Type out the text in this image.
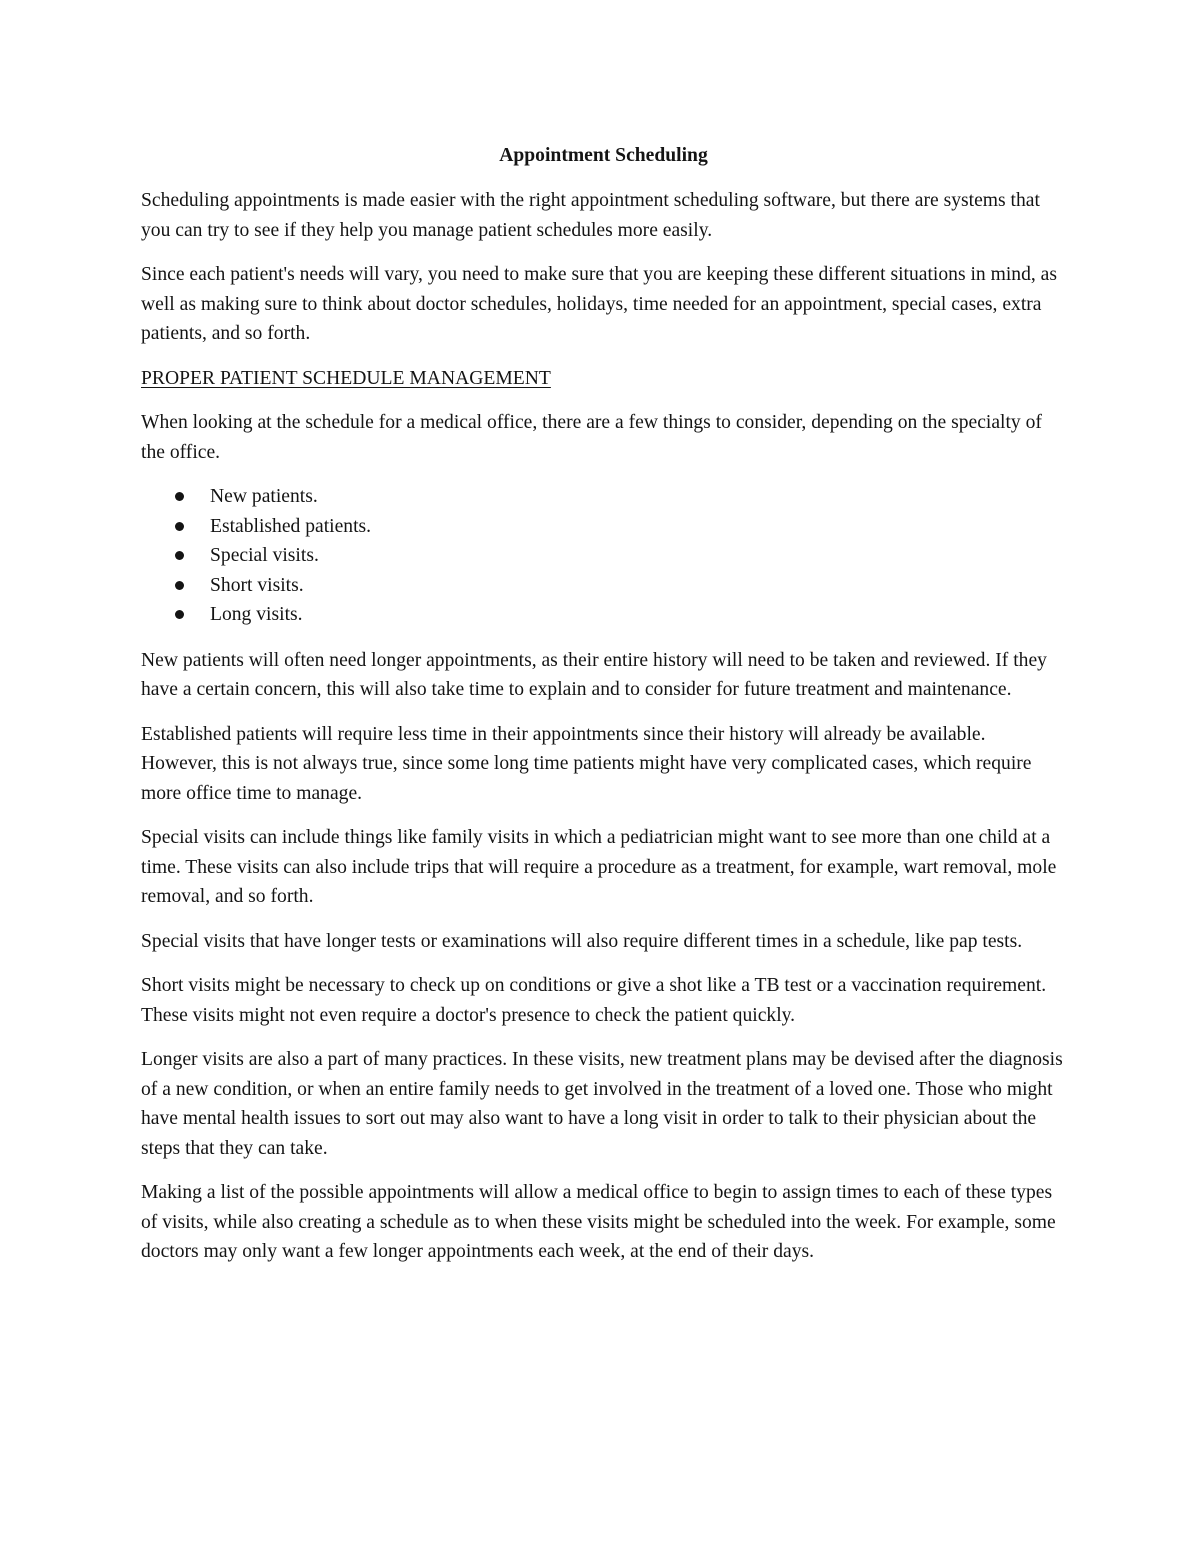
Appointment Scheduling

Scheduling appointments is made easier with the right appointment scheduling software, but there are systems that you can try to see if they help you manage patient schedules more easily.

Since each patient's needs will vary, you need to make sure that you are keeping these different situations in mind, as well as making sure to think about doctor schedules, holidays, time needed for an appointment, special cases, extra patients, and so forth.

PROPER PATIENT SCHEDULE MANAGEMENT

When looking at the schedule for a medical office, there are a few things to consider, depending on the specialty of the office.

New patients.
Established patients.
Special visits.
Short visits.
Long visits.

New patients will often need longer appointments, as their entire history will need to be taken and reviewed. If they have a certain concern, this will also take time to explain and to consider for future treatment and maintenance.

Established patients will require less time in their appointments since their history will already be available. However, this is not always true, since some long time patients might have very complicated cases, which require more office time to manage.

Special visits can include things like family visits in which a pediatrician might want to see more than one child at a time. These visits can also include trips that will require a procedure as a treatment, for example, wart removal, mole removal, and so forth.

Special visits that have longer tests or examinations will also require different times in a schedule, like pap tests.

Short visits might be necessary to check up on conditions or give a shot like a TB test or a vaccination requirement. These visits might not even require a doctor's presence to check the patient quickly.

Longer visits are also a part of many practices. In these visits, new treatment plans may be devised after the diagnosis of a new condition, or when an entire family needs to get involved in the treatment of a loved one. Those who might have mental health issues to sort out may also want to have a long visit in order to talk to their physician about the steps that they can take.

Making a list of the possible appointments will allow a medical office to begin to assign times to each of these types of visits, while also creating a schedule as to when these visits might be scheduled into the week. For example, some doctors may only want a few longer appointments each week, at the end of their days.
